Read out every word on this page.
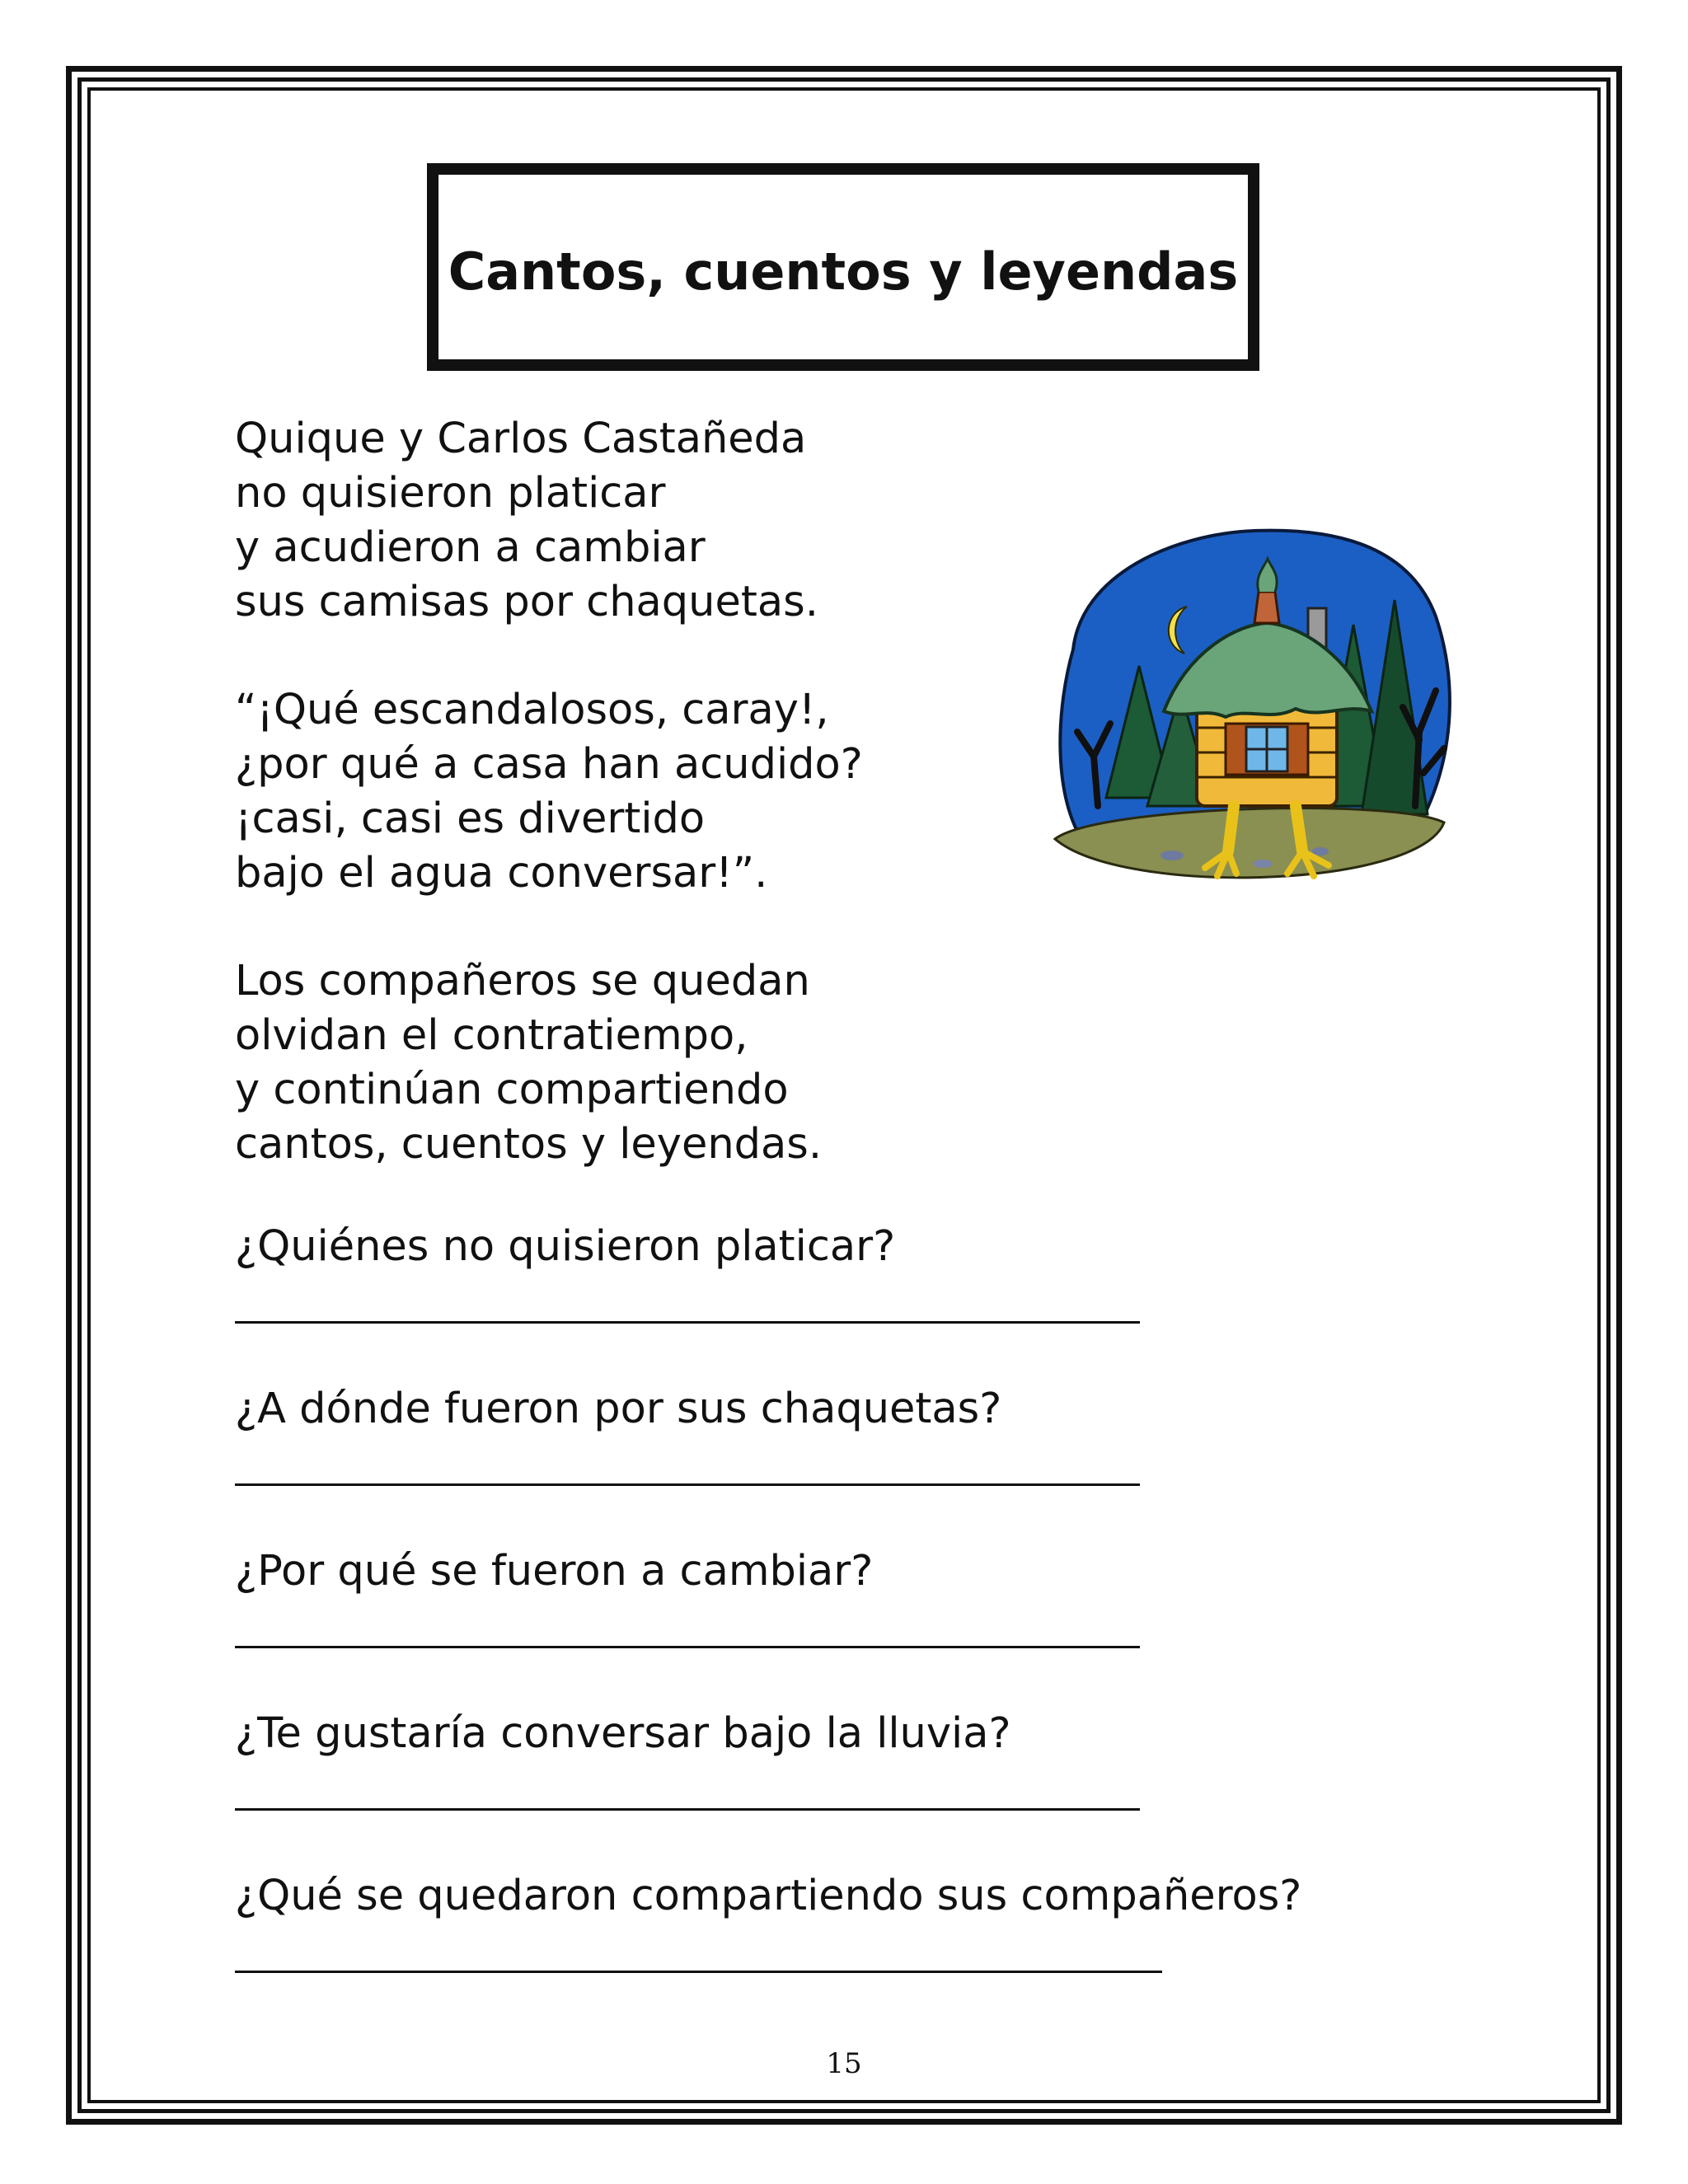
Cantos, cuentos y leyendas
Quique y Carlos Castañeda
no quisieron platicar
y acudieron a cambiar
sus camisas por chaquetas.
“¡Qué escandalosos, caray!,
¿por qué a casa han acudido?
¡casi, casi es divertido
bajo el agua conversar!”.
Los compañeros se quedan
olvidan el contratiempo,
y continúan compartiendo
cantos, cuentos y leyendas.
¿Quiénes no quisieron platicar?
¿A dónde fueron por sus chaquetas?
¿Por qué se fueron a cambiar?
¿Te gustaría conversar bajo la lluvia?
¿Qué se quedaron compartiendo sus compañeros?
15
